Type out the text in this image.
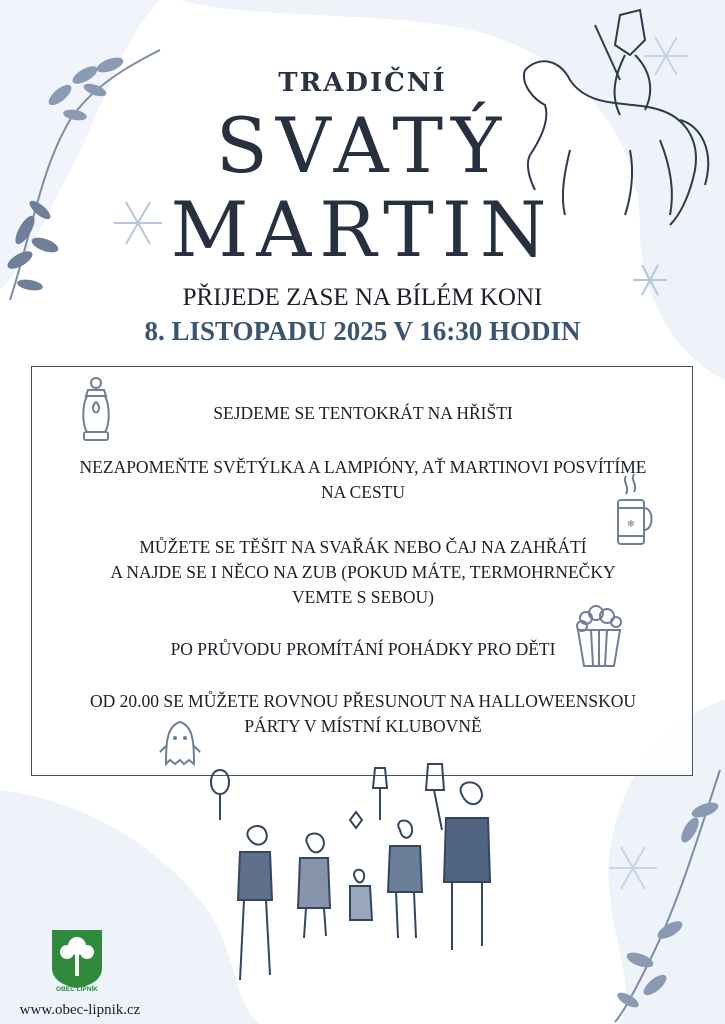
TRADIČNÍ
SVATÝ
MARTIN
PŘIJEDE ZASE NA BÍLÉM KONI
8. LISTOPADU 2025 V 16:30 HODIN
SEJDEME SE TENTOKRÁT NA HŘIŠTI
NEZAPOMEŇTE SVĚTÝLKA A LAMPIÓNY, AŤ MARTINOVI POSVÍTÍME
NA CESTU
MŮŽETE SE TĚŠIT NA SVAŘÁK NEBO ČAJ NA ZAHŘÁTÍ
A NAJDE SE I NĚCO NA ZUB (POKUD MÁTE, TERMOHRNEČKY
VEMTE S SEBOU)
PO PRŮVODU PROMÍTÁNÍ POHÁDKY PRO DĚTI
OD 20.00 SE MŮŽETE ROVNOU PŘESUNOUT NA HALLOWEENSKOU
PÁRTY V MÍSTNÍ KLUBOVNĚ
❄
OBEC LIPNÍK
www.obec-lipnik.cz
